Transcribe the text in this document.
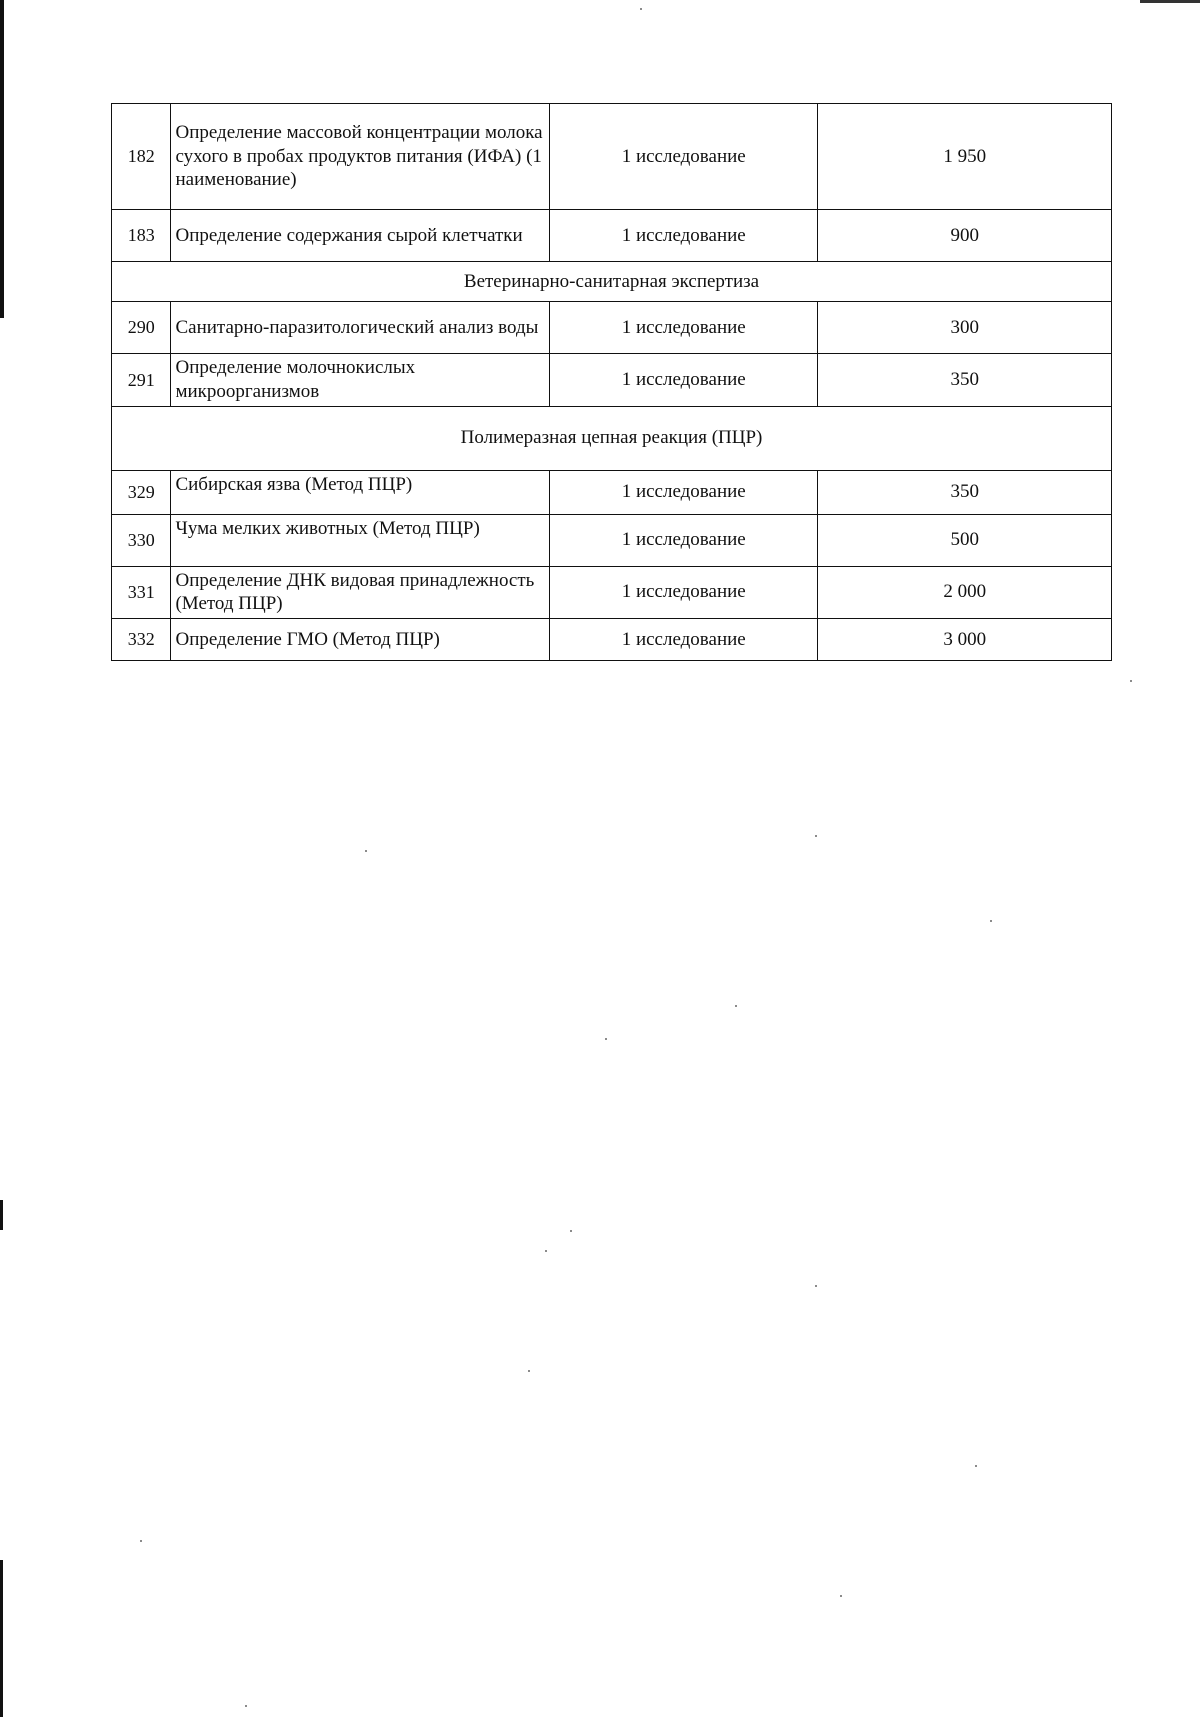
182	Определение массовой концентрации молока сухого в пробах продуктов питания (ИФА) (1 наименование)	1 исследование	1 950
183	Определение содержания сырой клетчатки	1 исследование	900
Ветеринарно-санитарная экспертиза			
290	Санитарно-паразитологический анализ воды	1 исследование	300
291	Определение молочнокислых микроорганизмов	1 исследование	350
Полимеразная цепная реакция (ПЦР)			
329	Сибирская язва (Метод ПЦР)	1 исследование	350
330	Чума мелких животных (Метод ПЦР)	1 исследование	500
331	Определение ДНК видовая принадлежность (Метод ПЦР)	1 исследование	2 000
332	Определение ГМО (Метод ПЦР)	1 исследование	3 000
